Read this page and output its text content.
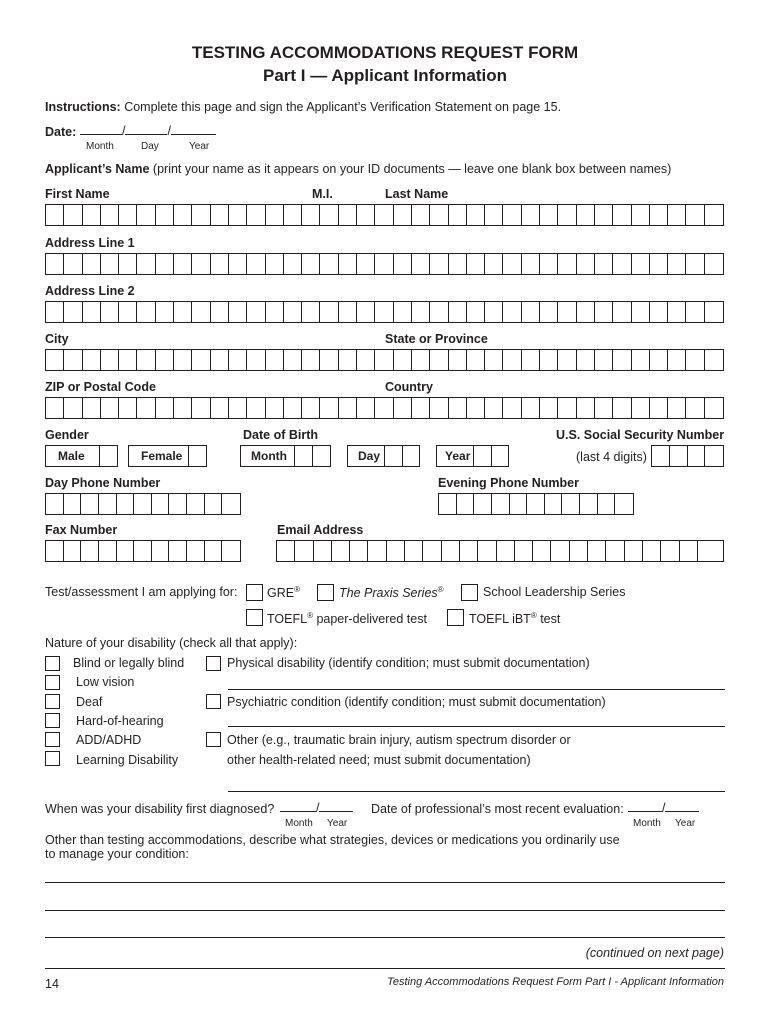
TESTING ACCOMMODATIONS REQUEST FORM
Part I — Applicant Information
Instructions: Complete this page and sign the Applicant’s Verification Statement on page 15.
Date:	/	/
Month	Day	Year
Applicant’s Name (print your name as it appears on your ID documents — leave one blank box between names)
First Name	M.I.	Last Name
Address Line 1
Address Line 2
City	State or Province
ZIP or Postal Code	Country
Gender	Date of Birth	U.S. Social Security Number
Male	Female	Month	Day	Year	(last 4 digits)
Day Phone Number	Evening Phone Number
Fax Number	Email Address
Test/assessment I am applying for: GRE®	The Praxis Series®	School Leadership Series
TOEFL® paper-delivered test	TOEFL iBT® test
Nature of your disability (check all that apply):
Blind or legally blind
Low vision
Deaf
Hard-of-hearing
ADD/ADHD
Learning Disability
Physical disability (identify condition; must submit documentation)
Psychiatric condition (identify condition; must submit documentation)
Other (e.g., traumatic brain injury, autism spectrum disorder or
other health-related need; must submit documentation)
When was your disability first diagnosed?	/
Month Year
Date of professional’s most recent evaluation:	/
Month Year
Other than testing accommodations, describe what strategies, devices or medications you ordinarily use
to manage your condition:
(continued on next page)
14	Testing Accommodations Request Form Part I - Applicant Information
